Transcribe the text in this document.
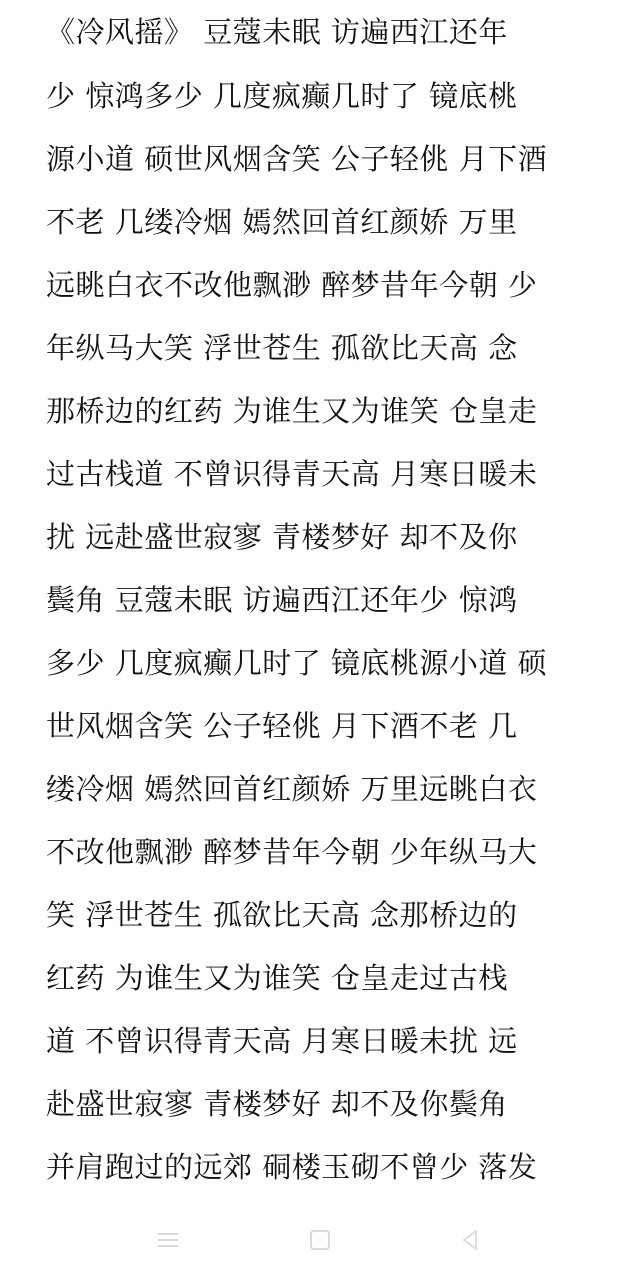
《冷风摇》 豆蔻未眠 访遍西江还年
少 惊鸿多少 几度疯癫几时了 镜底桃
源小道 硕世风烟含笑 公子轻佻 月下酒
不老 几缕冷烟 嫣然回首红颜娇 万里
远眺白衣不改他飘渺 醉梦昔年今朝 少
年纵马大笑 浮世苍生 孤欲比天高 念
那桥边的红药 为谁生又为谁笑 仓皇走
过古栈道 不曾识得青天高 月寒日暖未
扰 远赴盛世寂寥 青楼梦好 却不及你
鬓角 豆蔻未眠 访遍西江还年少 惊鸿
多少 几度疯癫几时了 镜底桃源小道 硕
世风烟含笑 公子轻佻 月下酒不老 几
缕冷烟 嫣然回首红颜娇 万里远眺白衣
不改他飘渺 醉梦昔年今朝 少年纵马大
笑 浮世苍生 孤欲比天高 念那桥边的
红药 为谁生又为谁笑 仓皇走过古栈
道 不曾识得青天高 月寒日暖未扰 远
赴盛世寂寥 青楼梦好 却不及你鬓角
并肩跑过的远郊 硐楼玉砌不曾少 落发
